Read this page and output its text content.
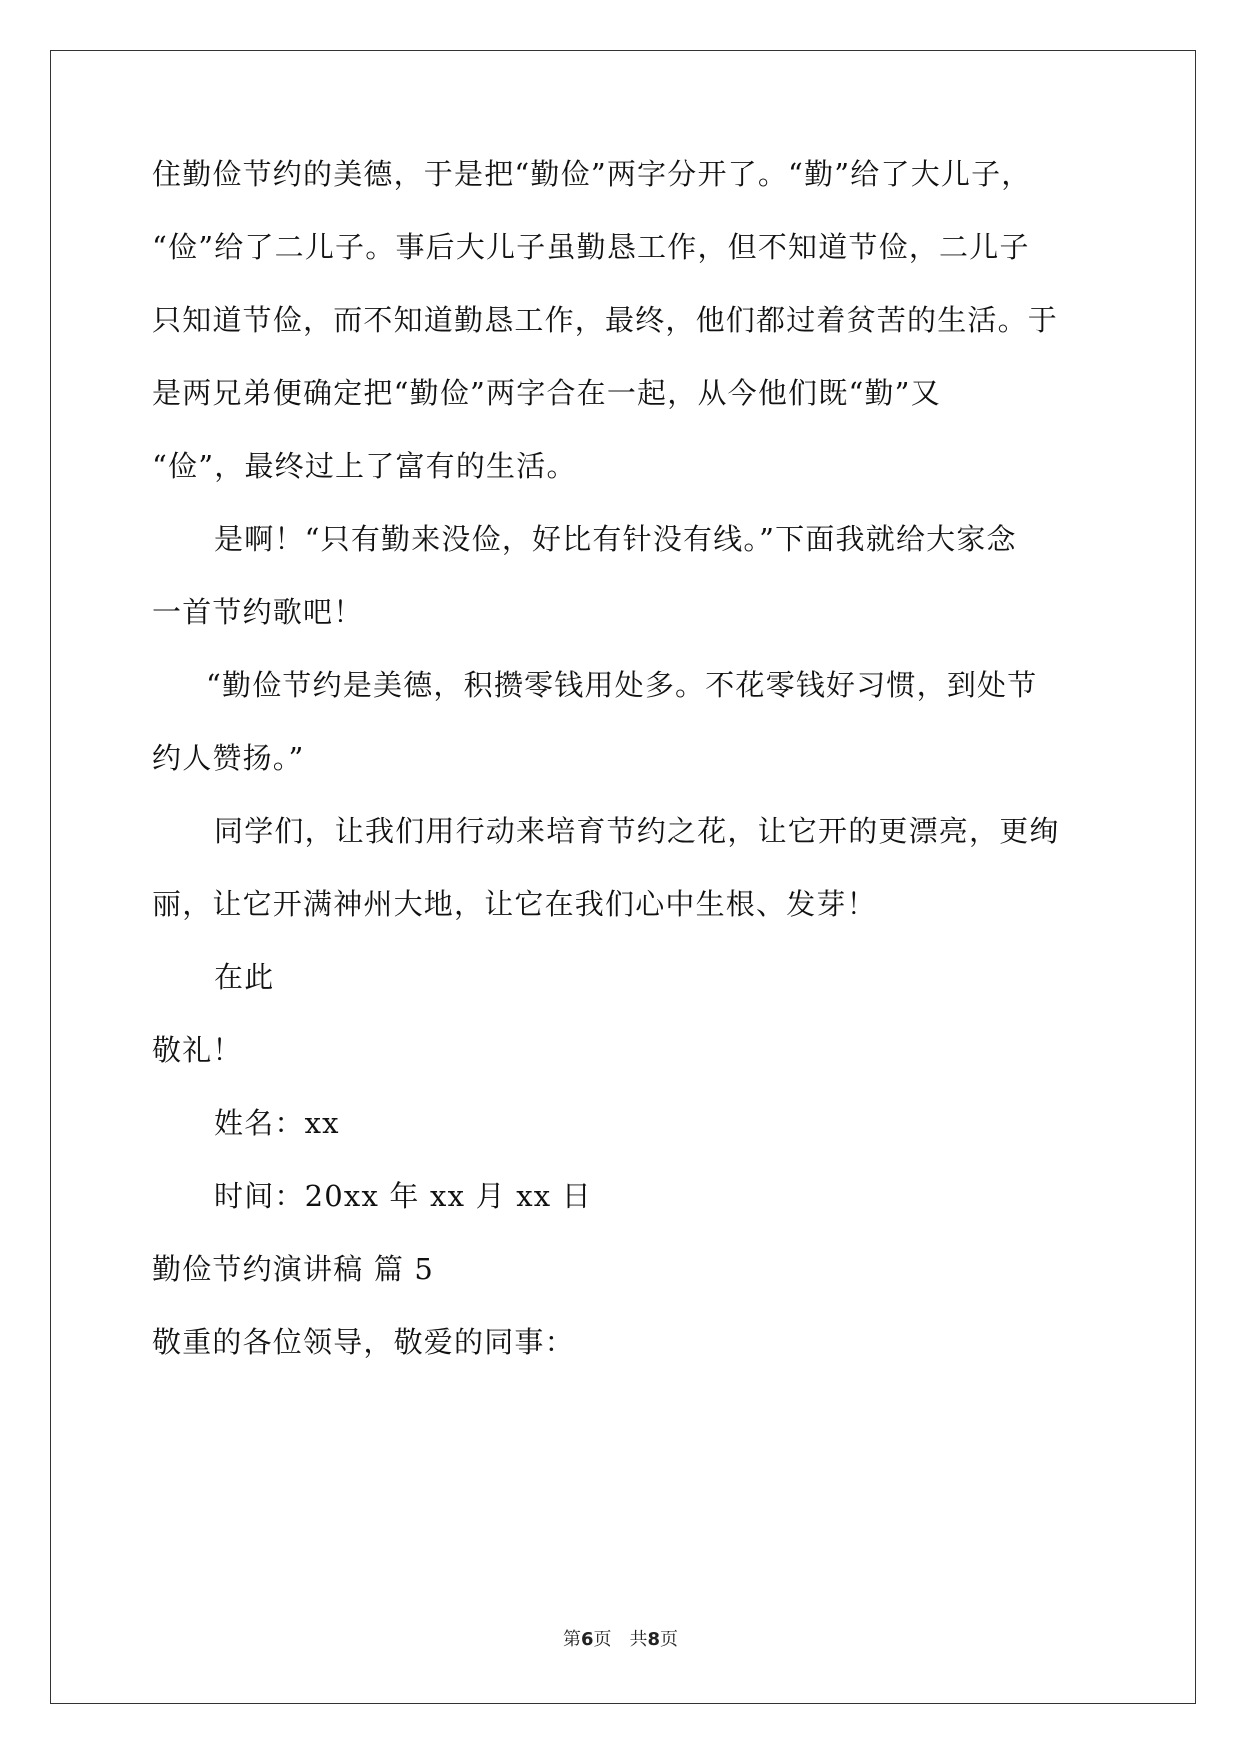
住勤俭节约的美德，于是把“勤俭”两字分开了。“勤”给了大儿子，
“俭”给了二儿子。事后大儿子虽勤恳工作，但不知道节俭，二儿子
只知道节俭，而不知道勤恳工作，最终，他们都过着贫苦的生活。于
是两兄弟便确定把“勤俭”两字合在一起，从今他们既“勤”又
“俭”，最终过上了富有的生活。
是啊！“只有勤来没俭，好比有针没有线。”下面我就给大家念
一首节约歌吧！
“勤俭节约是美德，积攒零钱用处多。不花零钱好习惯，到处节
约人赞扬。”
同学们，让我们用行动来培育节约之花，让它开的更漂亮，更绚
丽，让它开满神州大地，让它在我们心中生根、发芽！
在此
敬礼！
姓名：xx
时间：20xx 年 xx 月 xx 日
勤俭节约演讲稿 篇 5
敬重的各位领导，敬爱的同事：
第6页　共8页
